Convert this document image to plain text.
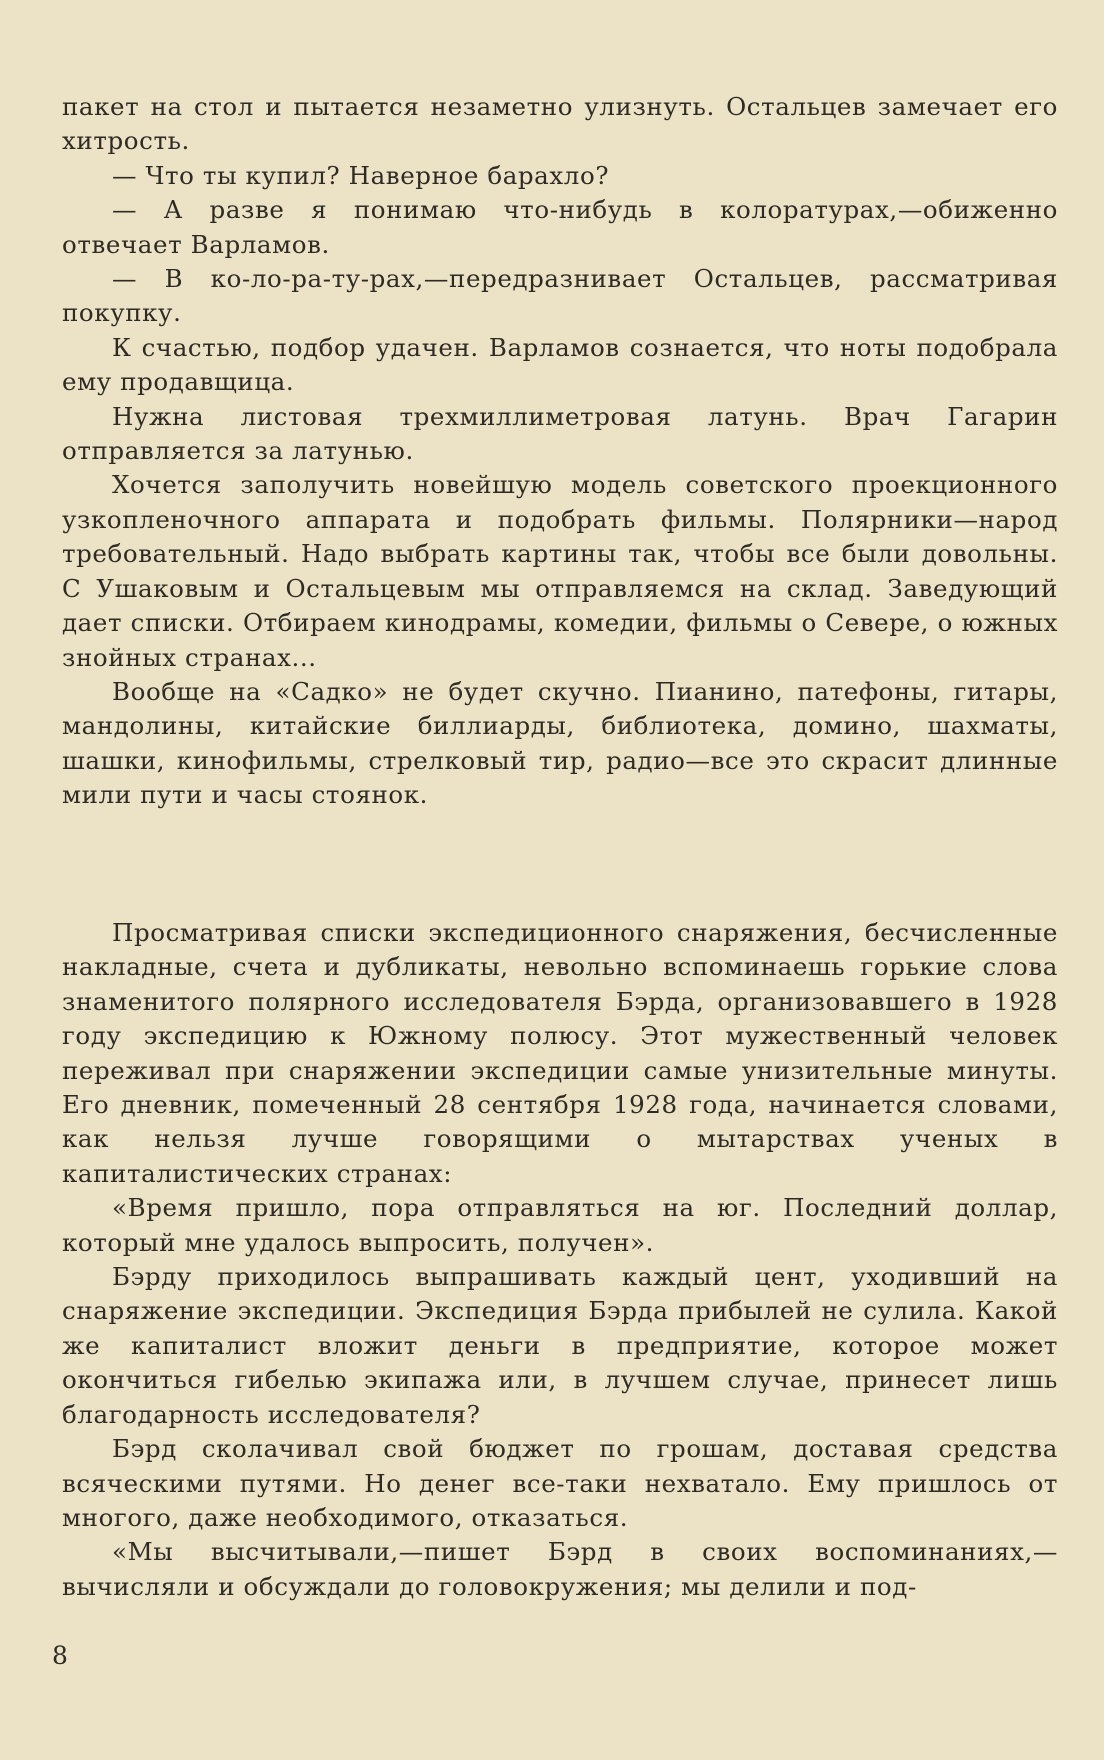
пакет на стол и пытается незаметно улизнуть. Остальцев замечает его хитрость.

— Что ты купил? Наверное барахло?

— А разве я понимаю что-нибудь в колоратурах,—обиженно отвечает Варламов.

— В ко-ло-ра-ту-рах,—передразнивает Остальцев, рассматривая покупку.

К счастью, подбор удачен. Варламов сознается, что ноты подобрала ему продавщица.

Нужна листовая трехмиллиметровая латунь. Врач Гагарин отправляется за латунью.

Хочется заполучить новейшую модель советского проекционного узкопленочного аппарата и подобрать фильмы. Полярники—народ требовательный. Надо выбрать картины так, чтобы все были довольны. С Ушаковым и Остальцевым мы отправляемся на склад. Заведующий дает списки. Отбираем кинодрамы, комедии, фильмы о Севере, о южных знойных странах...

Вообще на «Садко» не будет скучно. Пианино, патефоны, гитары, мандолины, китайские биллиарды, библиотека, домино, шахматы, шашки, кинофильмы, стрелковый тир, радио—все это скрасит длинные мили пути и часы стоянок.

Просматривая списки экспедиционного снаряжения, бесчисленные накладные, счета и дубликаты, невольно вспоминаешь горькие слова знаменитого полярного исследователя Бэрда, организовавшего в 1928 году экспедицию к Южному полюсу. Этот мужественный человек переживал при снаряжении экспедиции самые унизительные минуты. Его дневник, помеченный 28 сентября 1928 года, начинается словами, как нельзя лучше говорящими о мытарствах ученых в капиталистических странах:

«Время пришло, пора отправляться на юг. Последний доллар, который мне удалось выпросить, получен».

Бэрду приходилось выпрашивать каждый цент, уходивший на снаряжение экспедиции. Экспедиция Бэрда прибылей не сулила. Какой же капиталист вложит деньги в предприятие, которое может окончиться гибелью экипажа или, в лучшем случае, принесет лишь благодарность исследователя?

Бэрд сколачивал свой бюджет по грошам, доставая средства всяческими путями. Но денег все-таки нехватало. Ему пришлось от многого, даже необходимого, отказаться.

«Мы высчитывали,—пишет Бэрд в своих воспоминаниях,— вычисляли и обсуждали до головокружения; мы делили и под-

8
